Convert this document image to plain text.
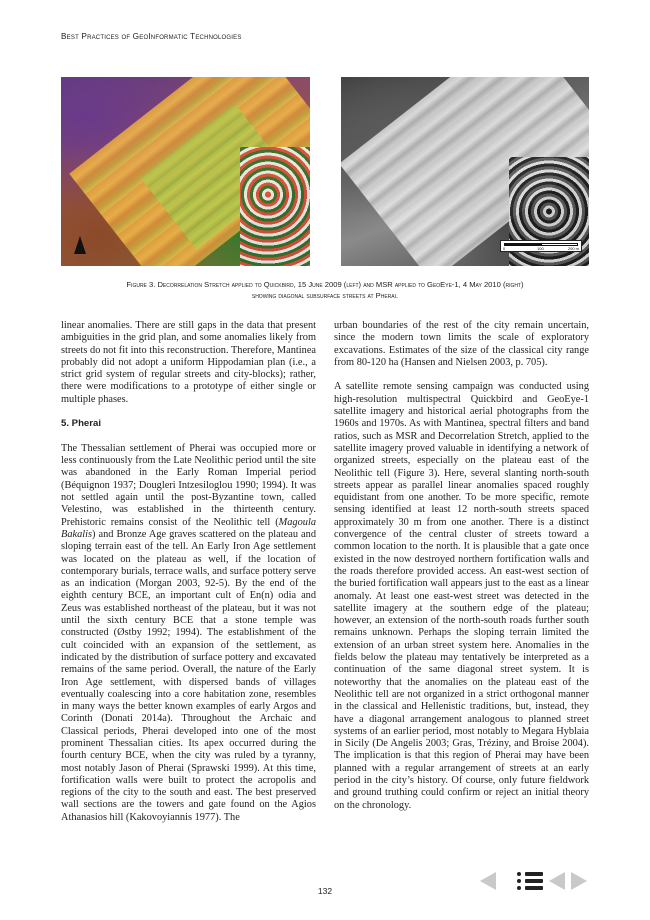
Best Practices of GeoInformatic Technologies
0	100	200 m
Figure 3. Decorrelation Stretch applied to Quickbird, 15 June 2009 (left) and MSR applied to GeoEye-1, 4 May 2010 (right)
showing diagonal subsurface streets at Pherai.

linear anomalies. There are still gaps in the data that present ambiguities in the grid plan, and some anomalies likely from streets do not fit into this reconstruction. Therefore, Mantinea probably did not adopt a uniform Hippodamian plan (i.e., a strict grid system of regular streets and city-blocks); rather, there were modifications to a prototype of either single or multiple phases.

5. Pherai

The Thessalian settlement of Pherai was occupied more or less continuously from the Late Neolithic period until the site was abandoned in the Early Roman Imperial period (Béquignon 1937; Dougleri Intzesiloglou 1990; 1994). It was not settled again until the post-Byzantine town, called Velestino, was established in the thirteenth century. Prehistoric remains consist of the Neolithic tell (Magoula Bakalis) and Bronze Age graves scattered on the plateau and sloping terrain east of the tell. An Early Iron Age settlement was located on the plateau as well, if the location of contemporary burials, terrace walls, and surface pottery serve as an indication (Morgan 2003, 92-5). By the end of the eighth century BCE, an important cult of En(n) odia and Zeus was established northeast of the plateau, but it was not until the sixth century BCE that a stone temple was constructed (Østby 1992; 1994). The establishment of the cult coincided with an expansion of the settlement, as indicated by the distribution of surface pottery and excavated remains of the same period. Overall, the nature of the Early Iron Age settlement, with dispersed bands of villages eventually coalescing into a core habitation zone, resembles in many ways the better known examples of early Argos and Corinth (Donati 2014a). Throughout the Archaic and Classical periods, Pherai developed into one of the most prominent Thessalian cities. Its apex occurred during the fourth century BCE, when the city was ruled by a tyranny, most notably Jason of Pherai (Sprawski 1999). At this time, fortification walls were built to protect the acropolis and regions of the city to the south and east. The best preserved wall sections are the towers and gate found on the Agios Athanasios hill (Kakovoyiannis 1977). The

urban boundaries of the rest of the city remain uncertain, since the modern town limits the scale of exploratory excavations. Estimates of the size of the classical city range from 80-120 ha (Hansen and Nielsen 2003, p. 705).

A satellite remote sensing campaign was conducted using high-resolution multispectral Quickbird and GeoEye-1 satellite imagery and historical aerial photographs from the 1960s and 1970s. As with Mantinea, spectral filters and band ratios, such as MSR and Decorrelation Stretch, applied to the satellite imagery proved valuable in identifying a network of organized streets, especially on the plateau east of the Neolithic tell (Figure 3). Here, several slanting north-south streets appear as parallel linear anomalies spaced roughly equidistant from one another. To be more specific, remote sensing identified at least 12 north-south streets spaced approximately 30 m from one another. There is a distinct convergence of the central cluster of streets toward a common location to the north. It is plausible that a gate once existed in the now destroyed northern fortification walls and the roads therefore provided access. An east-west section of the buried fortification wall appears just to the east as a linear anomaly. At least one east-west street was detected in the satellite imagery at the southern edge of the plateau; however, an extension of the north-south roads further south remains unknown. Perhaps the sloping terrain limited the extension of an urban street system here. Anomalies in the fields below the plateau may tentatively be interpreted as a continuation of the same diagonal street system. It is noteworthy that the anomalies on the plateau east of the Neolithic tell are not organized in a strict orthogonal manner in the classical and Hellenistic traditions, but, instead, they have a diagonal arrangement analogous to planned street systems of an earlier period, most notably to Megara Hyblaia in Sicily (De Angelis 2003; Gras, Tréziny, and Broise 2004). The implication is that this region of Pherai may have been planned with a regular arrangement of streets at an early period in the city’s history. Of course, only future fieldwork and ground truthing could confirm or reject an initial theory on the chronology.

132
